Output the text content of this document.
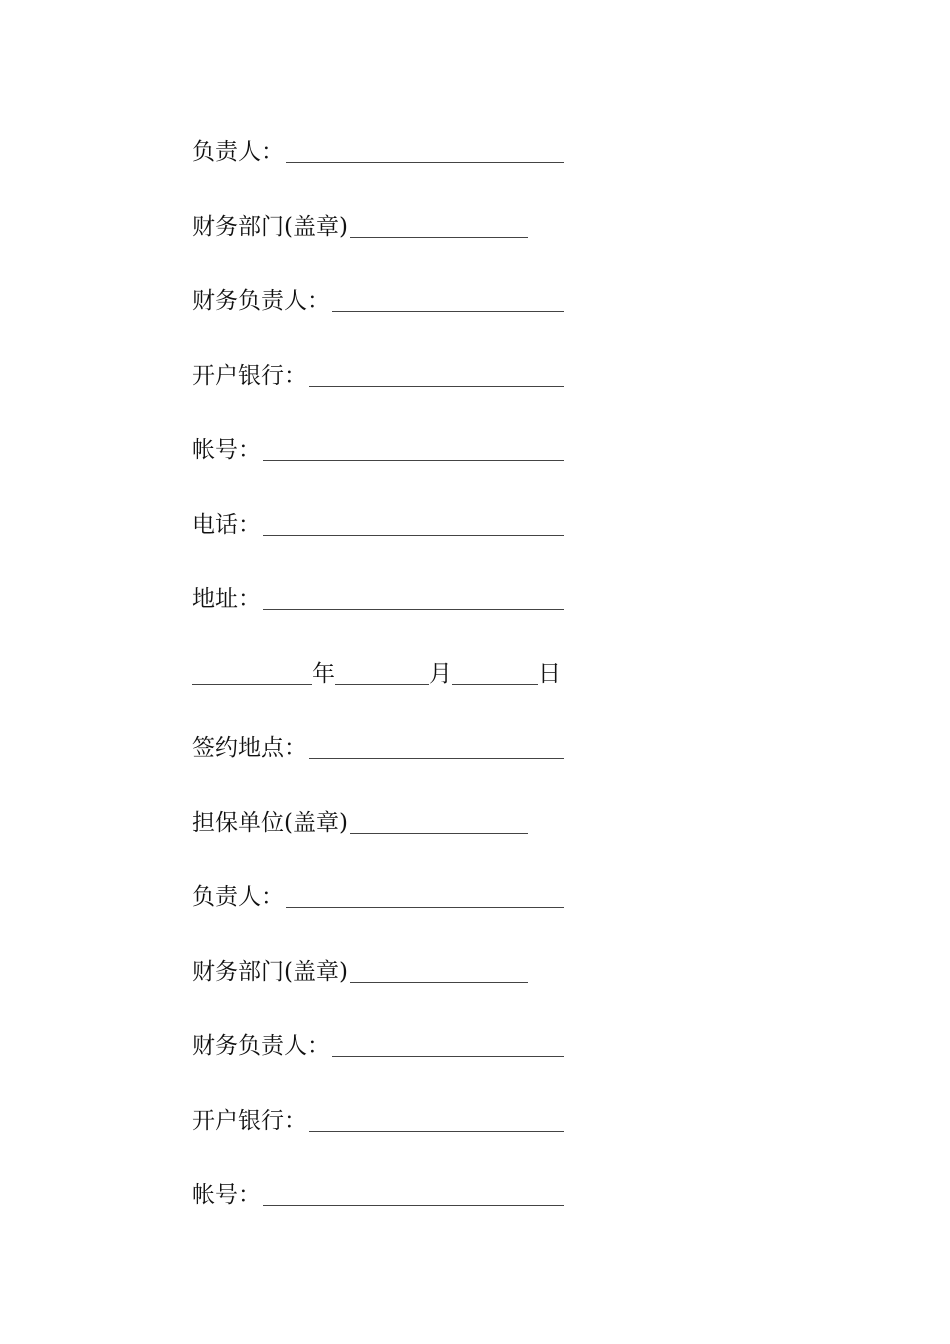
负责人：
财务部门(盖章)
财务负责人：
开户银行：
帐号：
电话：
地址：
年	月	日
签约地点：
担保单位(盖章)
负责人：
财务部门(盖章)
财务负责人：
开户银行：
帐号：
